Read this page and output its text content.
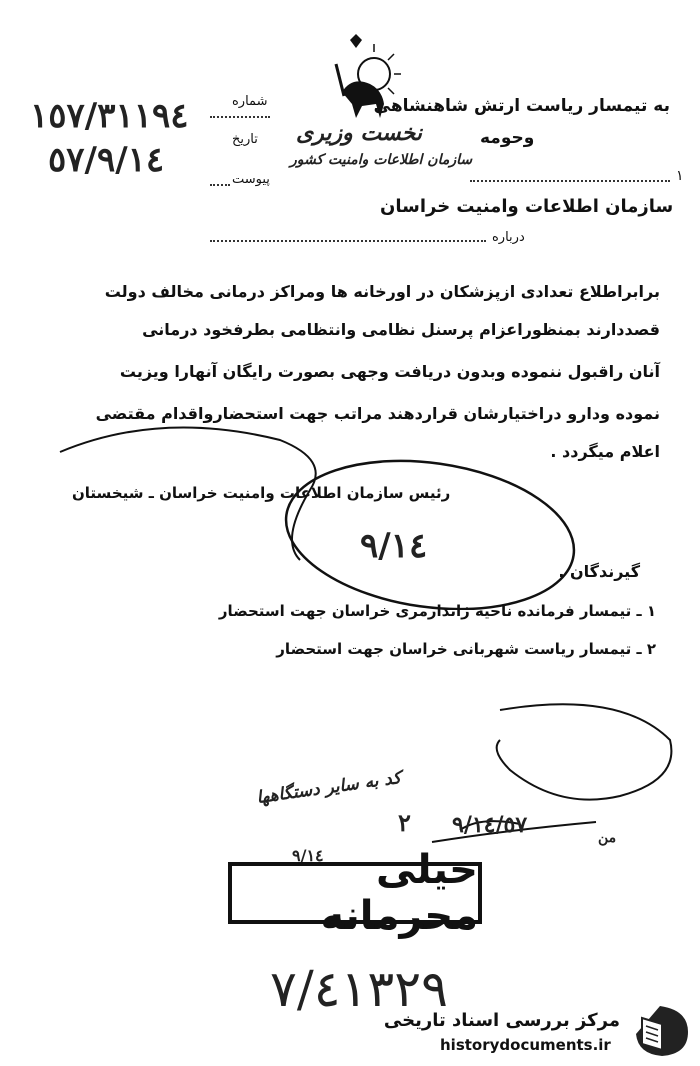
نخست وزیری
سازمان اطلاعات وامنیت کشور
به تیمسار ریاست ارتش شاهنشاهی
وحومه
١
شماره
تاریخ
پیوست
١٥٧/٣١١٩٤
٥٧/٩/١٤
سازمان اطلاعات وامنیت خراسان
درباره
برابراطلاع تعدادی ازپزشکان در اورخانه ها ومراکز درمانی مخالف دولت
قصددارند بمنظوراعزام پرسنل نظامی وانتظامی بطرفخود درمانی
آنان راقبول ننموده وبدون دریافت وجهی بصورت رایگان آنهارا ویزیت
نموده ودارو دراختیارشان قراردهند مراتب جهت استحضارواقدام مقتضی
اعلام میگردد .
رئیس سازمان اطلاعات وامنیت خراسان ـ شیخستان
٩/١٤
گیرندگان .
١ ـ تیمسار فرمانده ناحیه ژاندارمری خراسان جهت استحضار
٢ ـ تیمسار ریاست شهربانی خراسان جهت استحضار
کد به سایر دستگاهها
٢ ٩/١٤/٥٧	من
٩/١٤	خیلی محرمانه
٧/٤١٣٢٩
مرکز بررسی اسناد تاریخی
historydocuments.ir
